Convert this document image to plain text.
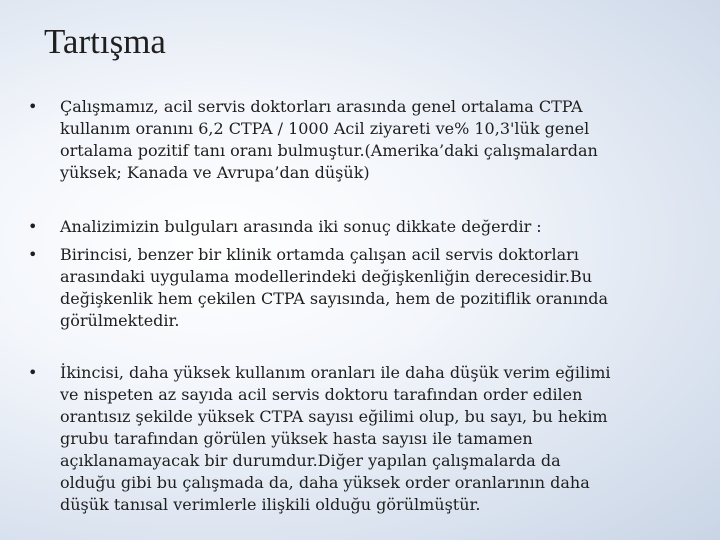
Tartışma
•	Çalışmamız, acil servis doktorları arasında genel ortalama CTPA
kullanım oranını 6,2 CTPA / 1000 Acil ziyareti ve% 10,3'lük genel
ortalama pozitif tanı oranı bulmuştur.(Amerika’daki çalışmalardan
yüksek; Kanada ve Avrupa’dan düşük)
•	Analizimizin bulguları arasında iki sonuç dikkate değerdir :
•	Birincisi, benzer bir klinik ortamda çalışan acil servis doktorları
arasındaki uygulama modellerindeki değişkenliğin derecesidir.Bu
değişkenlik hem çekilen CTPA sayısında, hem de pozitiflik oranında
görülmektedir.
•	İkincisi, daha yüksek kullanım oranları ile daha düşük verim eğilimi
ve nispeten az sayıda acil servis doktoru tarafından order edilen
orantısız şekilde yüksek CTPA sayısı eğilimi olup, bu sayı, bu hekim
grubu tarafından görülen yüksek hasta sayısı ile tamamen
açıklanamayacak bir durumdur.Diğer yapılan çalışmalarda da
olduğu gibi bu çalışmada da, daha yüksek order oranlarının daha
düşük tanısal verimlerle ilişkili olduğu görülmüştür.
